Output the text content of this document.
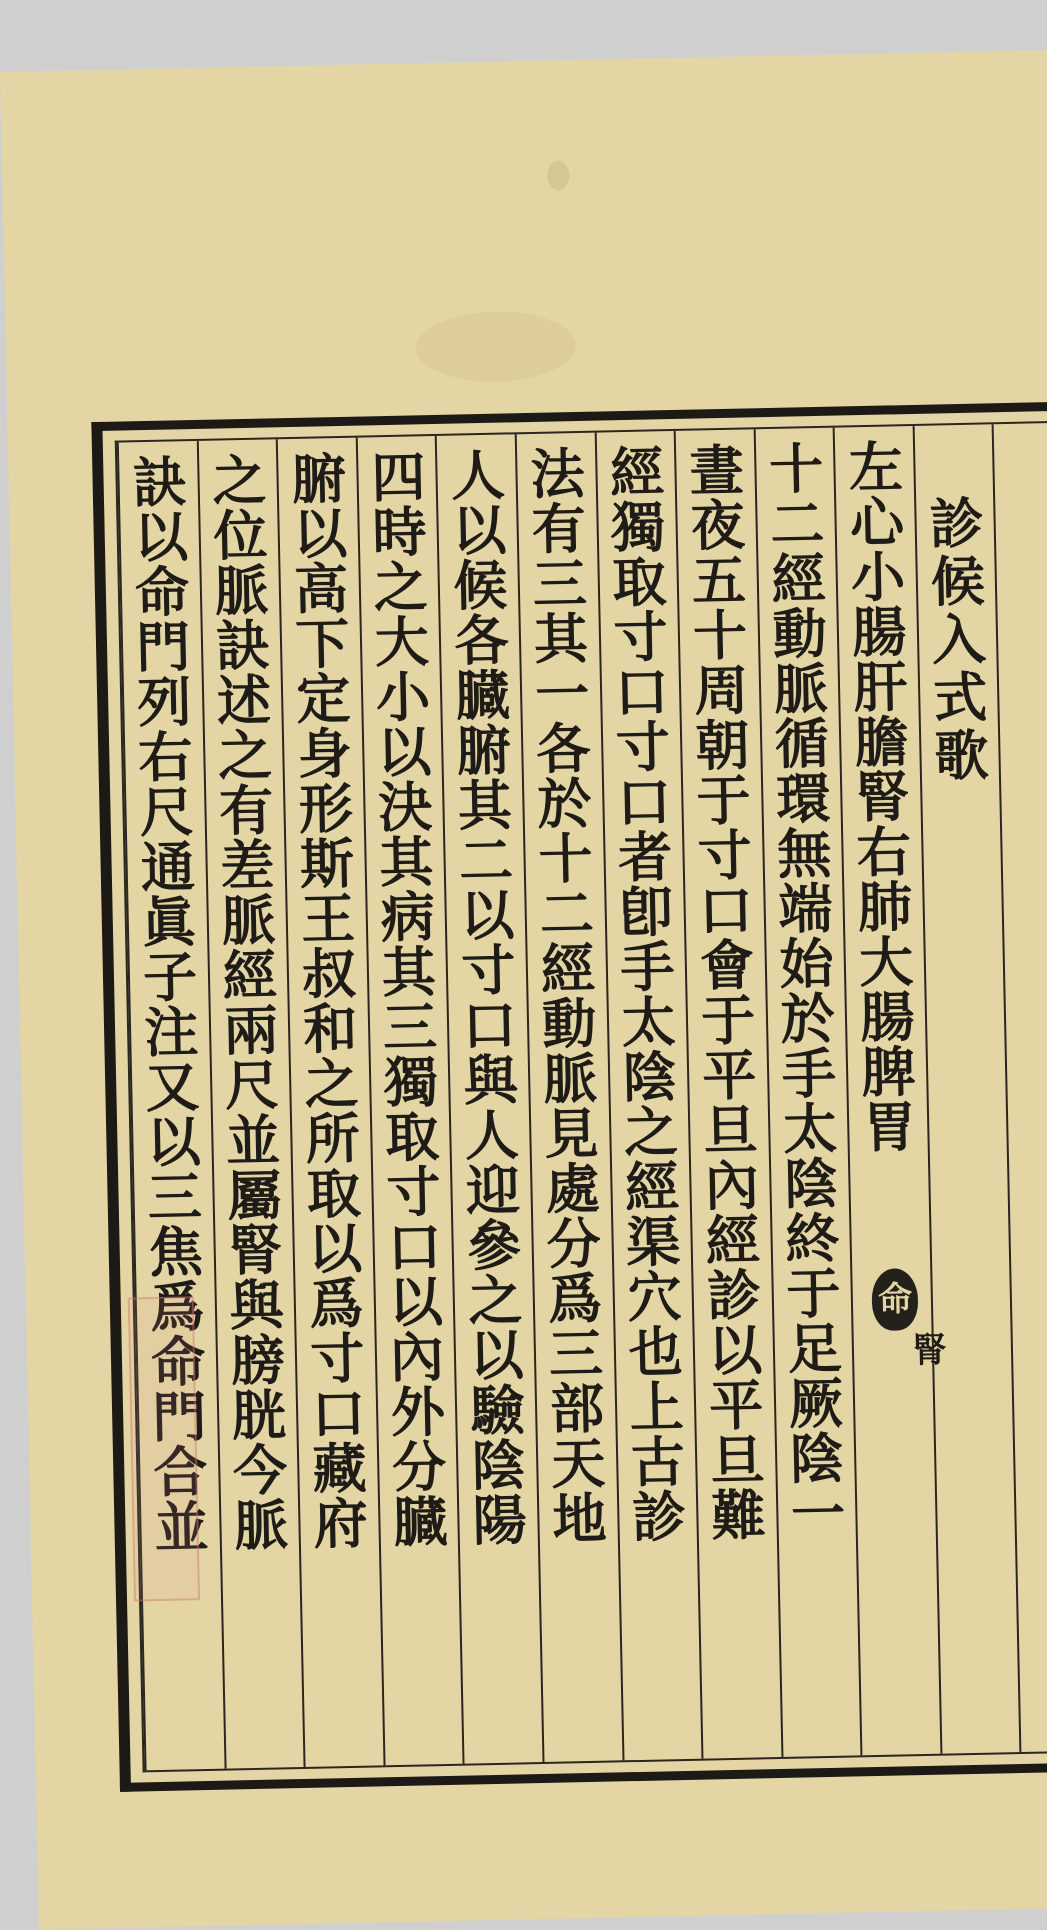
診候入式歌
左心小腸肝膽腎右肺大腸脾胃
命
腎
十二經動脈循環無端始於手太陰終于足厥陰一
晝夜五十周朝于寸口會于平旦內經診以平旦難
經獨取寸口寸口者卽手太陰之經渠穴也上古診
法有三其一各於十二經動脈見處分爲三部天地
人以候各臓腑其二以寸口與人迎參之以驗陰陽
四時之大小以決其病其三獨取寸口以內外分臓
腑以高下定身形斯王叔和之所取以爲寸口藏府
之位脈訣述之有差脈經兩尺並屬腎與膀胱今脈
訣以命門列右尺通眞子注又以三焦爲命門合並
